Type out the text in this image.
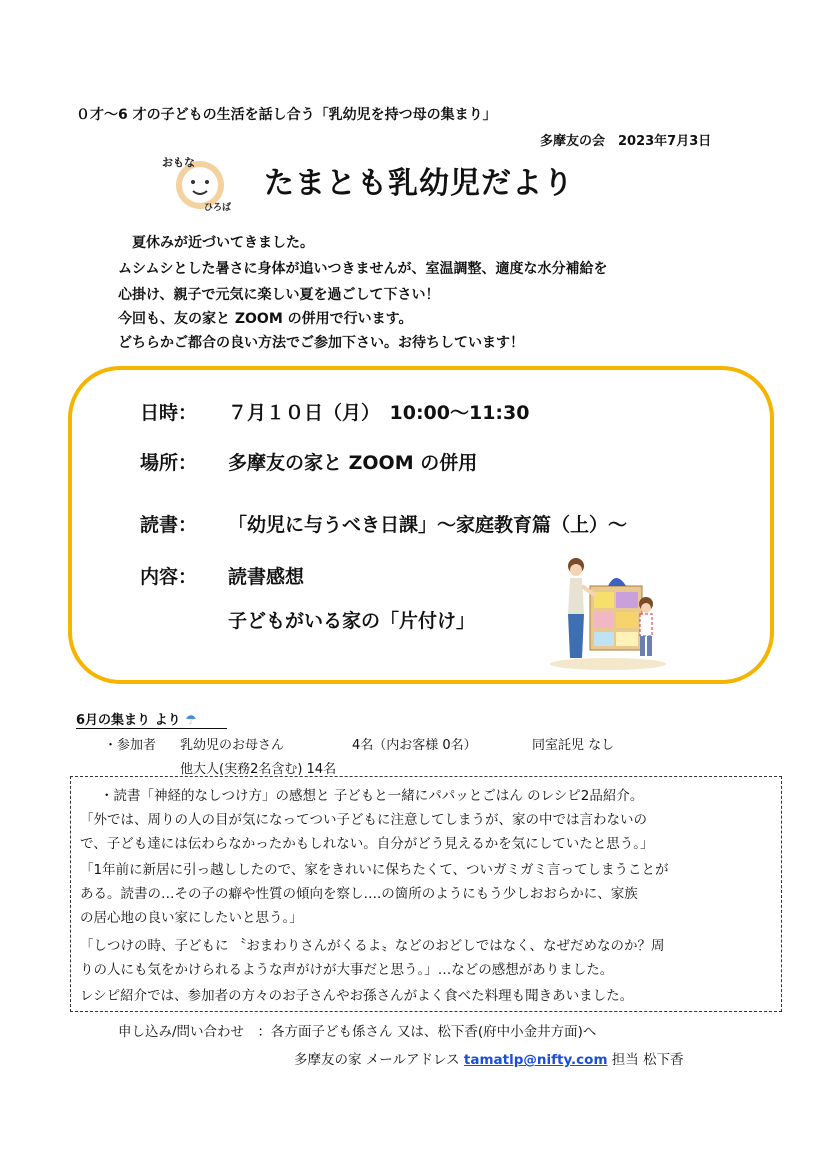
０才～6 才の子どもの生活を話し合う「乳幼児を持つ母の集まり」
多摩友の会　2023年7月3日
おもな
ひろば
たまとも乳幼児だより
　夏休みが近づいてきました。
ムシムシとした暑さに身体が追いつきませんが、室温調整、適度な水分補給を
心掛け、親子で元気に楽しい夏を過ごして下さい！
今回も、友の家と ZOOM の併用で行います。
どちらかご都合の良い方法でご参加下さい。お待ちしています！
日時： ７月１０日（月）　10:00～11:30
場所： 多摩友の家と ZOOM の併用
読書： 「幼児に与うべき日課」～家庭教育篇（上）～
内容： 読書感想
子どもがいる家の「片付け」
6月の集まり より ☂
・参加者 乳幼児のお母さん	4名（内お客様 0名）	同室託児 なし
他大人(実務2名含む) 14名
・読書「神経的なしつけ方」の感想と 子どもと一緒にパパッとごはん のレシピ2品紹介。
「外では、周りの人の目が気になってつい子どもに注意してしまうが、家の中では言わないの
で、子ども達には伝わらなかったかもしれない。自分がどう見えるかを気にしていたと思う。」
「1年前に新居に引っ越ししたので、家をきれいに保ちたくて、ついガミガミ言ってしまうことが
ある。読書の…その子の癖や性質の傾向を察し….の箇所のようにもう少しおおらかに、家族
の居心地の良い家にしたいと思う。」
「しつけの時、子どもに 〝おまわりさんがくるよ〟などのおどしではなく、なぜだめなのか？周
りの人にも気をかけられるような声がけが大事だと思う。」…などの感想がありました。
レシピ紹介では、参加者の方々のお子さんやお孫さんがよく食べた料理も聞きあいました。
申し込み/問い合わせ　：各方面子ども係さん 又は、松下香(府中小金井方面)へ
多摩友の家 メールアドレス tamatlp@nifty.com 担当 松下香
